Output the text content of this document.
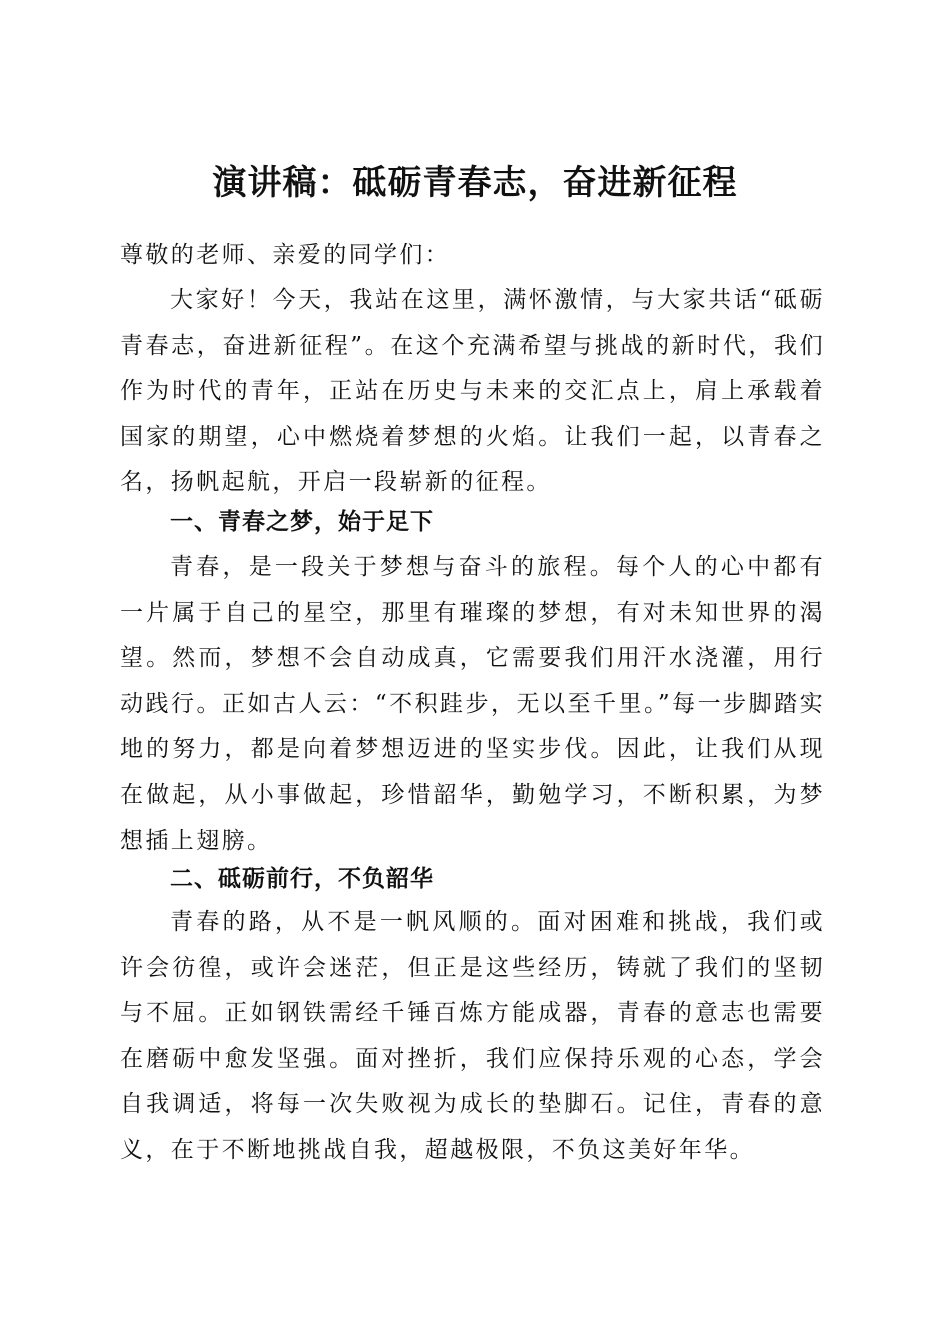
演讲稿：砥砺青春志，奋进新征程

尊敬的老师、亲爱的同学们：

大家好！今天，我站在这里，满怀激情，与大家共话“砥砺青春志，奋进新征程”。在这个充满希望与挑战的新时代，我们作为时代的青年，正站在历史与未来的交汇点上，肩上承载着国家的期望，心中燃烧着梦想的火焰。让我们一起，以青春之名，扬帆起航，开启一段崭新的征程。

一、青春之梦，始于足下

青春，是一段关于梦想与奋斗的旅程。每个人的心中都有一片属于自己的星空，那里有璀璨的梦想，有对未知世界的渴望。然而，梦想不会自动成真，它需要我们用汗水浇灌，用行动践行。正如古人云：“不积跬步，无以至千里。”每一步脚踏实地的努力，都是向着梦想迈进的坚实步伐。因此，让我们从现在做起，从小事做起，珍惜韶华，勤勉学习，不断积累，为梦想插上翅膀。

二、砥砺前行，不负韶华

青春的路，从不是一帆风顺的。面对困难和挑战，我们或许会彷徨，或许会迷茫，但正是这些经历，铸就了我们的坚韧与不屈。正如钢铁需经千锤百炼方能成器，青春的意志也需要在磨砺中愈发坚强。面对挫折，我们应保持乐观的心态，学会自我调适，将每一次失败视为成长的垫脚石。记住，青春的意义，在于不断地挑战自我，超越极限，不负这美好年华。
